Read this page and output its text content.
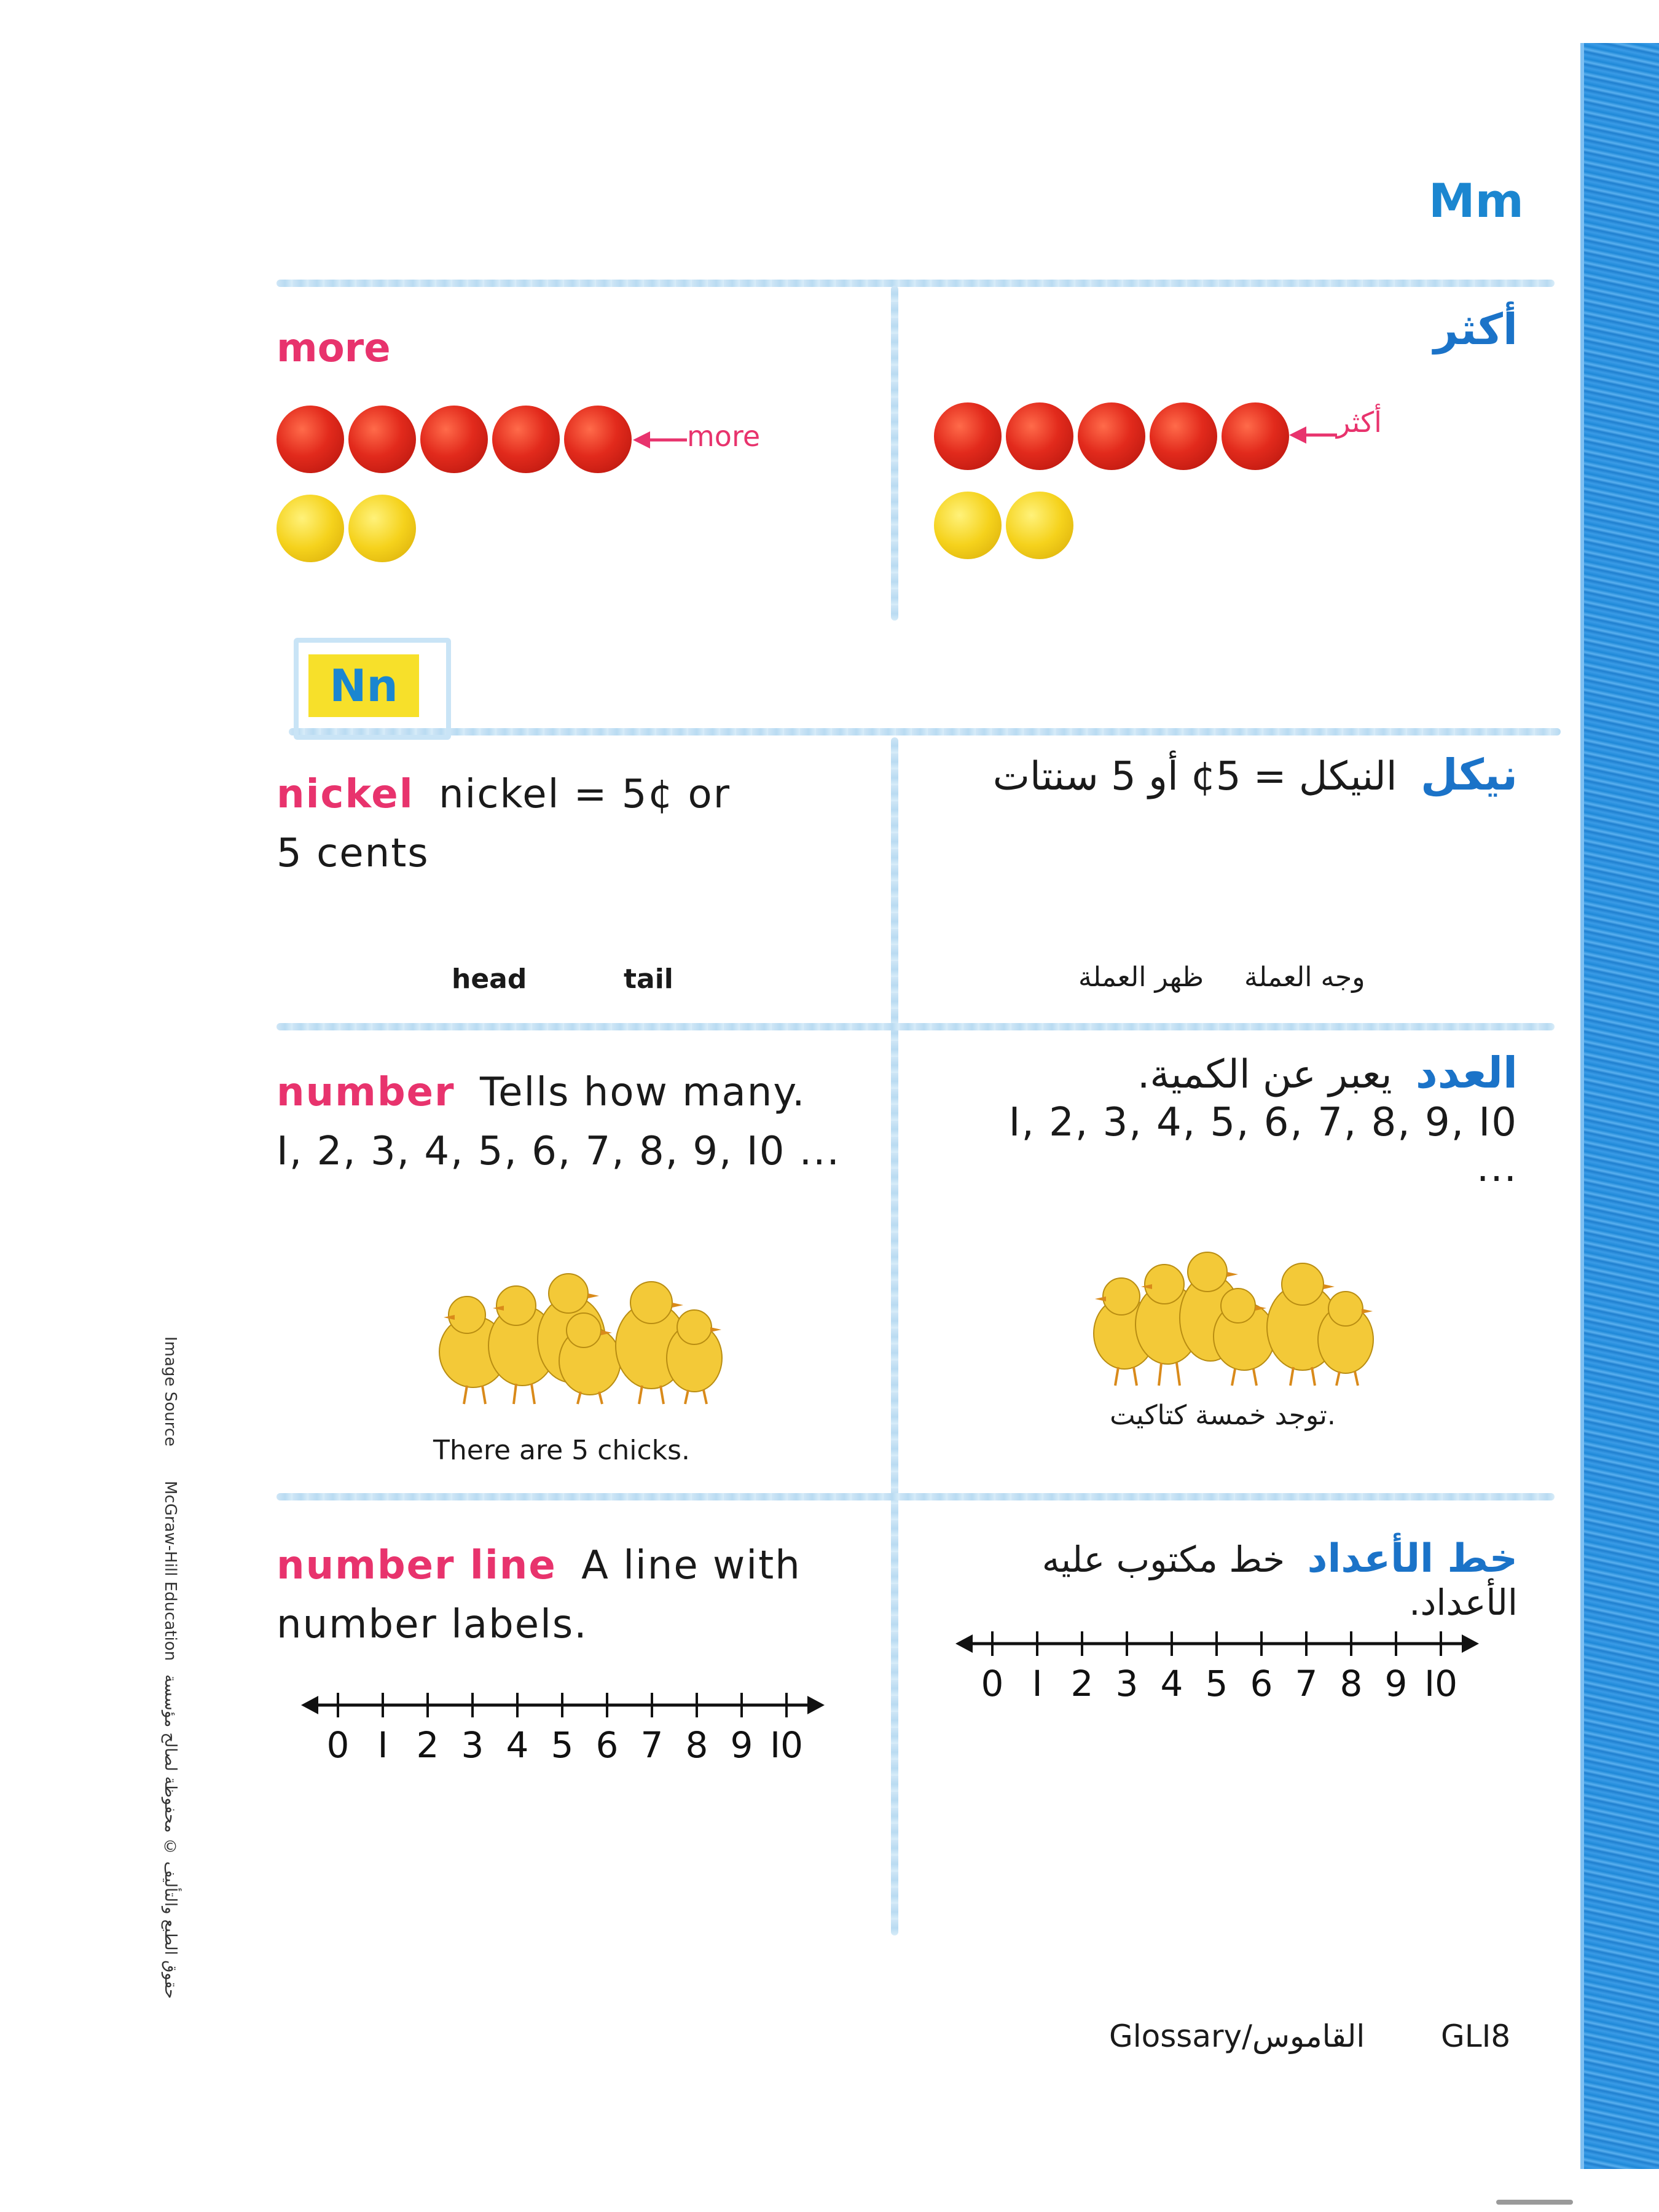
Mm
more
more
أكثر
أكثر
Nn
nickel nickel = 5¢ or
5 cents
head	tail
نيكل النيكل = 5¢ أو 5 سنتات
ظهر العملة وجه العملة
number Tells how many.
I, 2, 3, 4, 5, 6, 7, 8, 9, I0 ...
There are 5 chicks.
العدد يعبر عن الكمية.
I, 2, 3, 4, 5, 6, 7, 8, 9, I0 ...
توجد خمسة كتاكيت.
number line A line with
number labels.
0 I 2 3 4 5 6 7 8 9 I0
خط الأعداد خط مكتوب عليه الأعداد.
0 I 2 3 4 5 6 7 8 9 I0
Image Source
McGraw-Hill Education حقوق الطبع والتأليف © محفوظة لصالح مؤسسة
Glossary/القاموس GLI8
